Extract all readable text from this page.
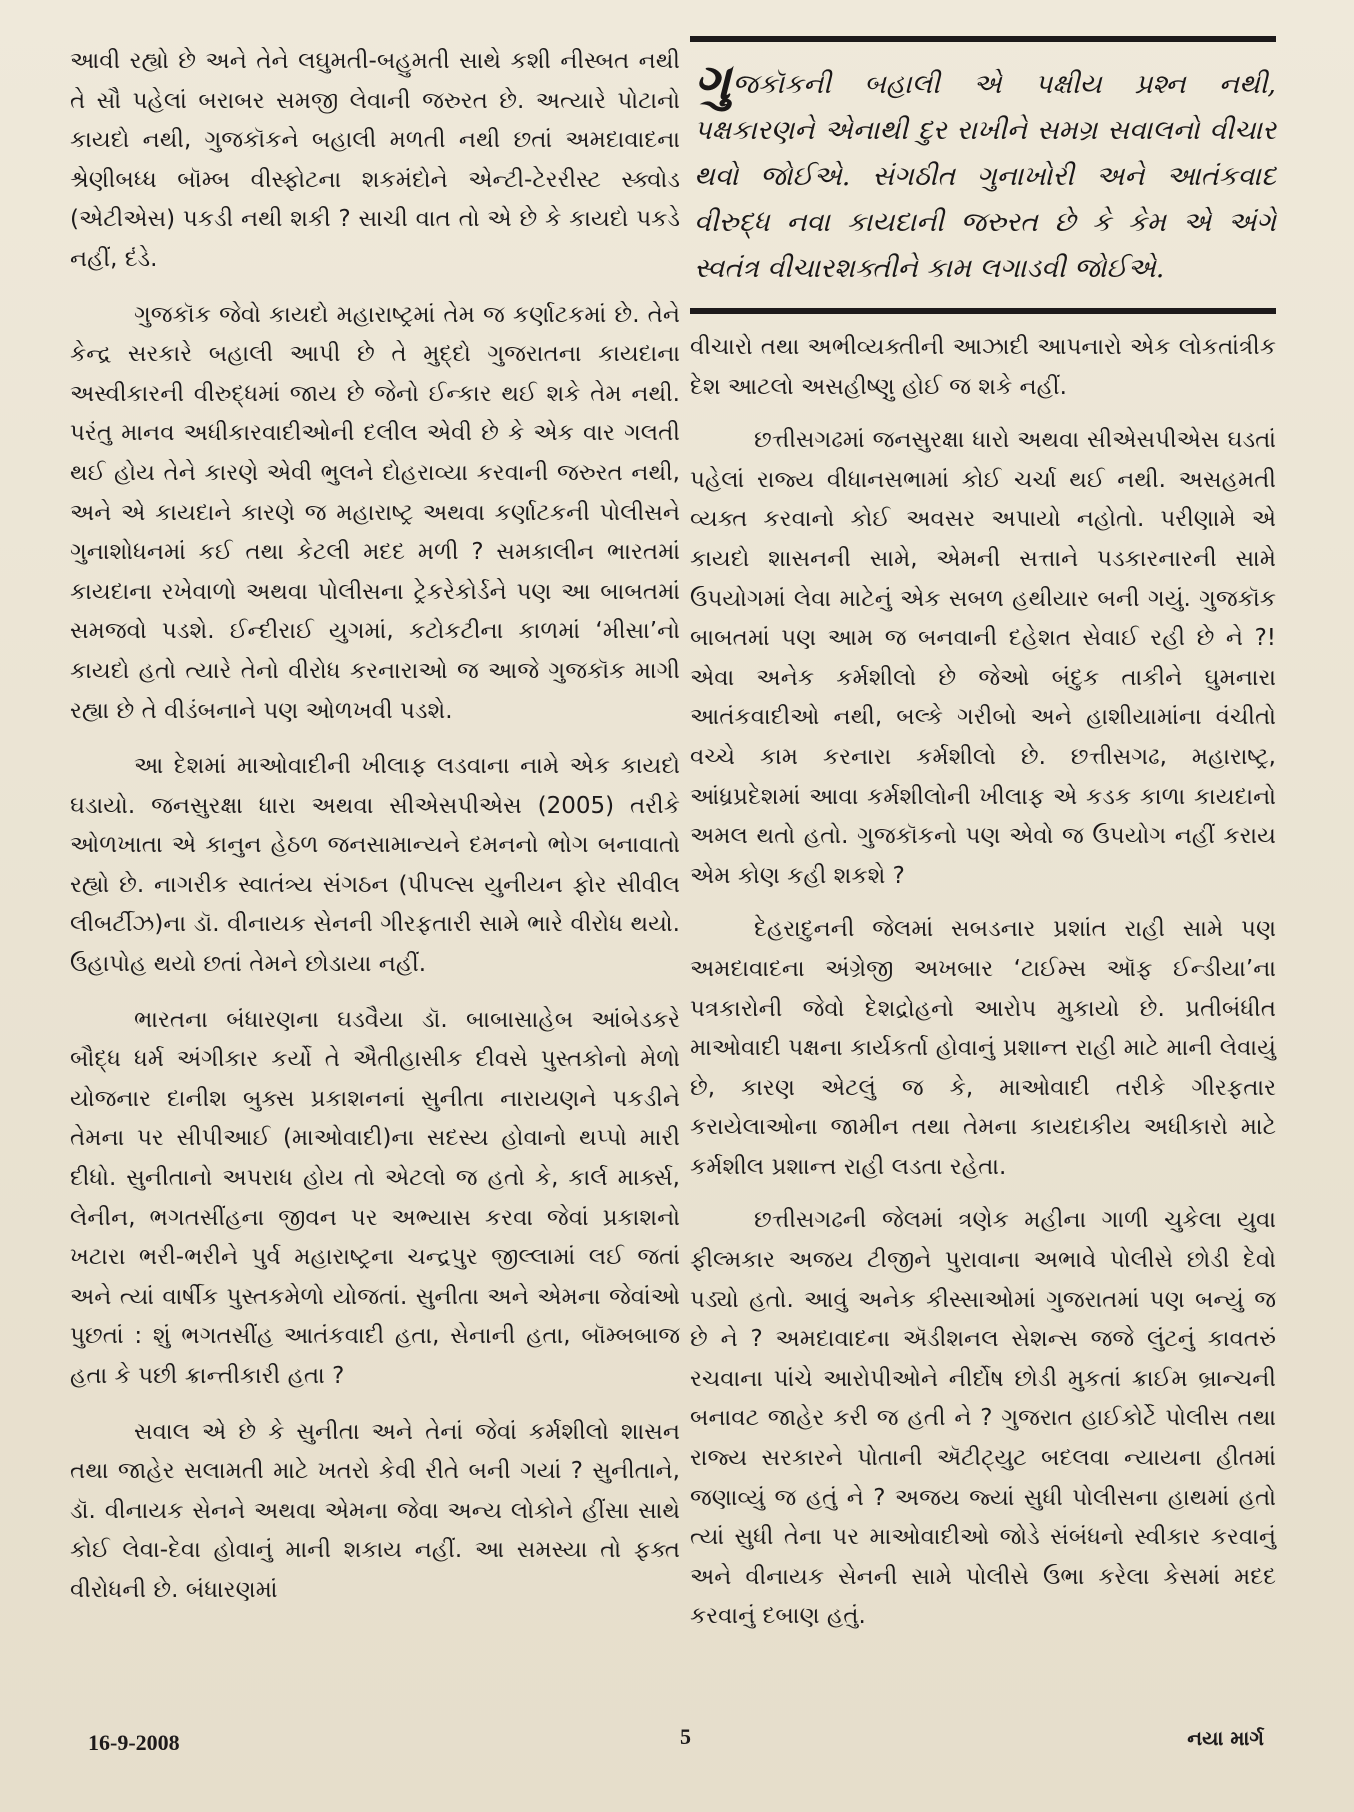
આવી રહ્યો છે અને તેને લઘુમતી-બહુમતી સાથે કશી નીસ્બત નથી તે સૌ પહેલાં બરાબર સમજી લેવાની જરુરત છે. અત્યારે પોટાનો કાયદો નથી, ગુજકૉકને બહાલી મળતી નથી છતાં અમદાવાદના શ્રેણીબધ્ધ બૉમ્બ વીસ્ફોટના શકમંદોને એન્ટી-ટેરરીસ્ટ સ્ક્વોડ (એટીએસ) પકડી નથી શકી ? સાચી વાત તો એ છે કે કાયદો પકડે નહીં, દંડે.

ગુજકૉક જેવો કાયદો મહારાષ્ટ્રમાં તેમ જ કર્ણાટકમાં છે. તેને કેન્દ્ર સરકારે બહાલી આપી છે તે મુદ્દો ગુજરાતના કાયદાના અસ્વીકારની વીરુદ્ધમાં જાય છે જેનો ઈન્કાર થઈ શકે તેમ નથી. પરંતુ માનવ અધીકારવાદીઓની દલીલ એવી છે કે એક વાર ગલતી થઈ હોય તેને કારણે એવી ભુલને દોહરાવ્યા કરવાની જરુરત નથી, અને એ કાયદાને કારણે જ મહારાષ્ટ્ર અથવા કર્ણાટકની પોલીસને ગુનાશોધનમાં કઈ તથા કેટલી મદદ મળી ? સમકાલીન ભારતમાં કાયદાના રખેવાળો અથવા પોલીસના ટ્રેકરેકોર્ડને પણ આ બાબતમાં સમજવો પડશે. ઈન્દીરાઈ યુગમાં, કટોકટીના કાળમાં ‘મીસા’નો કાયદો હતો ત્યારે તેનો વીરોધ કરનારાઓ જ આજે ગુજકૉક માગી રહ્યા છે તે વીડંબનાને પણ ઓળખવી પડશે.

આ દેશમાં માઓવાદીની ખીલાફ લડવાના નામે એક કાયદો ઘડાયો. જનસુરક્ષા ધારા અથવા સીએસપીએસ (2005) તરીકે ઓળખાતા એ કાનુન હેઠળ જનસામાન્યને દમનનો ભોગ બનાવાતો રહ્યો છે. નાગરીક સ્વાતંત્ર્ય સંગઠન (પીપલ્સ યુનીયન ફોર સીવીલ લીબર્ટીઝ)ના ડૉ. વીનાયક સેનની ગીરફતારી સામે ભારે વીરોધ થયો. ઉહાપોહ થયો છતાં તેમને છોડાયા નહીં.

ભારતના બંધારણના ઘડવૈયા ડૉ. બાબાસાહેબ આંબેડકરે બૌદ્ધ ધર્મ અંગીકાર કર્યો તે ઐતીહાસીક દીવસે પુસ્તકોનો મેળો યોજનાર દાનીશ બુક્સ પ્રકાશનનાં સુનીતા નારાયણને પકડીને તેમના પર સીપીઆઈ (માઓવાદી)ના સદસ્ય હોવાનો થપ્પો મારી દીધો. સુનીતાનો અપરાધ હોય તો એટલો જ હતો કે, કાર્લ માર્ક્સ, લેનીન, ભગતસીંહના જીવન પર અભ્યાસ કરવા જેવાં પ્રકાશનો ખટારા ભરી-ભરીને પુર્વ મહારાષ્ટ્રના ચન્દ્રપુર જીલ્લામાં લઈ જતાં અને ત્યાં વાર્ષીક પુસ્તકમેળો યોજતાં. સુનીતા અને એમના જેવાંઓ પુછતાં : શું ભગતસીંહ આતંકવાદી હતા, સેનાની હતા, બૉમ્બબાજ હતા કે પછી ક્રાન્તીકારી હતા ?

સવાલ એ છે કે સુનીતા અને તેનાં જેવાં કર્મશીલો શાસન તથા જાહેર સલામતી માટે ખતરો કેવી રીતે બની ગયાં ? સુનીતાને, ડૉ. વીનાયક સેનને અથવા એમના જેવા અન્ય લોકોને હીંસા સાથે કોઈ લેવા-દેવા હોવાનું માની શકાય નહીં. આ સમસ્યા તો ફક્ત વીરોધની છે. બંધારણમાં

ગુજકૉકની બહાલી એ પક્ષીય પ્રશ્ન નથી, પક્ષકારણને એનાથી દુર રાખીને સમગ્ર સવાલનો વીચાર થવો જોઈએ. સંગઠીત ગુનાખોરી અને આતંકવાદ વીરુદ્ધ નવા કાયદાની જરુરત છે કે કેમ એ અંગે સ્વતંત્ર વીચારશક્તીને કામ લગાડવી જોઈએ.

વીચારો તથા અભીવ્યક્તીની આઝાદી આપનારો એક લોકતાંત્રીક દેશ આટલો અસહીષ્ણુ હોઈ જ શકે નહીં.

છત્તીસગઢમાં જનસુરક્ષા ધારો અથવા સીએસપીએસ ઘડતાં પહેલાં રાજ્ય વીધાનસભામાં કોઈ ચર્ચા થઈ નથી. અસહમતી વ્યક્ત કરવાનો કોઈ અવસર અપાયો નહોતો. પરીણામે એ કાયદો શાસનની સામે, એમની સત્તાને પડકારનારની સામે ઉપયોગમાં લેવા માટેનું એક સબળ હથીયાર બની ગયું. ગુજકૉક બાબતમાં પણ આમ જ બનવાની દહેશત સેવાઈ રહી છે ને ?! એવા અનેક કર્મશીલો છે જેઓ બંદુક તાકીને ઘુમનારા આતંકવાદીઓ નથી, બલ્કે ગરીબો અને હાશીયામાંના વંચીતો વચ્ચે કામ કરનારા કર્મશીલો છે. છત્તીસગઢ, મહારાષ્ટ્ર, આંધ્રપ્રદેશમાં આવા કર્મશીલોની ખીલાફ એ કડક કાળા કાયદાનો અમલ થતો હતો. ગુજકૉકનો પણ એવો જ ઉપયોગ નહીં કરાય એમ કોણ કહી શકશે ?

દેહરાદુનની જેલમાં સબડનાર પ્રશાંત રાહી સામે પણ અમદાવાદના અંગ્રેજી અખબાર ‘ટાઈમ્સ ઑફ ઈન્ડીયા’ના પત્રકારોની જેવો દેશદ્રોહનો આરોપ મુકાયો છે. પ્રતીબંધીત માઓવાદી પક્ષના કાર્યકર્તા હોવાનું પ્રશાન્ત રાહી માટે માની લેવાયું છે, કારણ એટલું જ કે, માઓવાદી તરીકે ગીરફતાર કરાયેલાઓના જામીન તથા તેમના કાયદાકીય અધીકારો માટે કર્મશીલ પ્રશાન્ત રાહી લડતા રહેતા.

છત્તીસગઢની જેલમાં ત્રણેક મહીના ગાળી ચુકેલા યુવા ફીલ્મકાર અજય ટીજીને પુરાવાના અભાવે પોલીસે છોડી દેવો પડ્યો હતો. આવું અનેક કીસ્સાઓમાં ગુજરાતમાં પણ બન્યું જ છે ને ? અમદાવાદના ઍડીશનલ સેશન્સ જજે લુંટનું કાવતરું રચવાના પાંચે આરોપીઓને નીર્દોષ છોડી મુકતાં ક્રાઈમ બ્રાન્ચની બનાવટ જાહેર કરી જ હતી ને ? ગુજરાત હાઈકોર્ટે પોલીસ તથા રાજ્ય સરકારને પોતાની ઍટીટ્યુટ બદલવા ન્યાયના હીતમાં જણાવ્યું જ હતું ને ? અજય જ્યાં સુધી પોલીસના હાથમાં હતો ત્યાં સુધી તેના પર માઓવાદીઓ જોડે સંબંધનો સ્વીકાર કરવાનું અને વીનાયક સેનની સામે પોલીસે ઉભા કરેલા કેસમાં મદદ કરવાનું દબાણ હતું.

16-9-2008	5	નયા માર્ગ
